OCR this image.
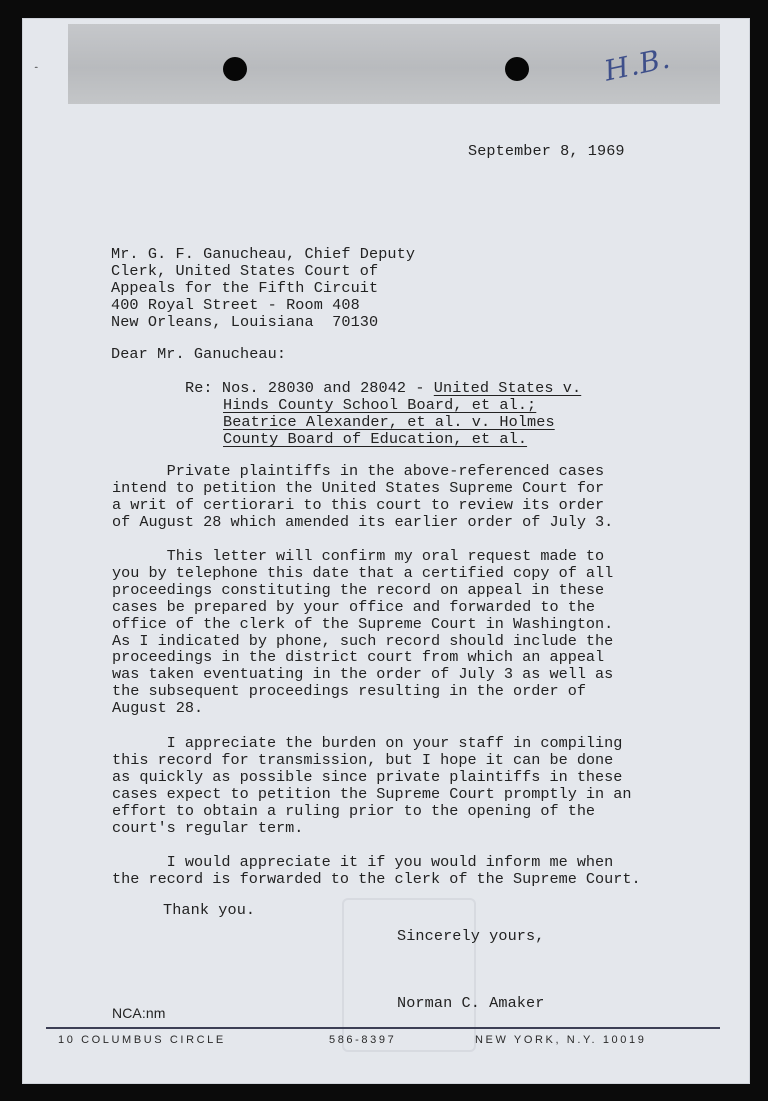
H.B.
`

September 8, 1969

Mr. G. F. Ganucheau, Chief Deputy

Clerk, United States Court of

Appeals for the Fifth Circuit

400 Royal Street - Room 408

New Orleans, Louisiana  70130

Dear Mr. Ganucheau:

Re: Nos. 28030 and 28042 - United States v.

Hinds County School Board, et al.;

Beatrice Alexander, et al. v. Holmes

County Board of Education, et al.

Private plaintiffs in the above-referenced cases
intend to petition the United States Supreme Court for
a writ of certiorari to this court to review its order
of August 28 which amended its earlier order of July 3.
This letter will confirm my oral request made to
you by telephone this date that a certified copy of all
proceedings constituting the record on appeal in these
cases be prepared by your office and forwarded to the
office of the clerk of the Supreme Court in Washington.
As I indicated by phone, such record should include the
proceedings in the district court from which an appeal
was taken eventuating in the order of July 3 as well as
the subsequent proceedings resulting in the order of
August 28.
I appreciate the burden on your staff in compiling
this record for transmission, but I hope it can be done
as quickly as possible since private plaintiffs in these
cases expect to petition the Supreme Court promptly in an
effort to obtain a ruling prior to the opening of the
court's regular term.
I would appreciate it if you would inform me when
the record is forwarded to the clerk of the Supreme Court.

Thank you.

Sincerely yours,

Norman C. Amaker

NCA:nm

10 COLUMBUS CIRCLE	586-8397	NEW YORK, N.Y. 10019
